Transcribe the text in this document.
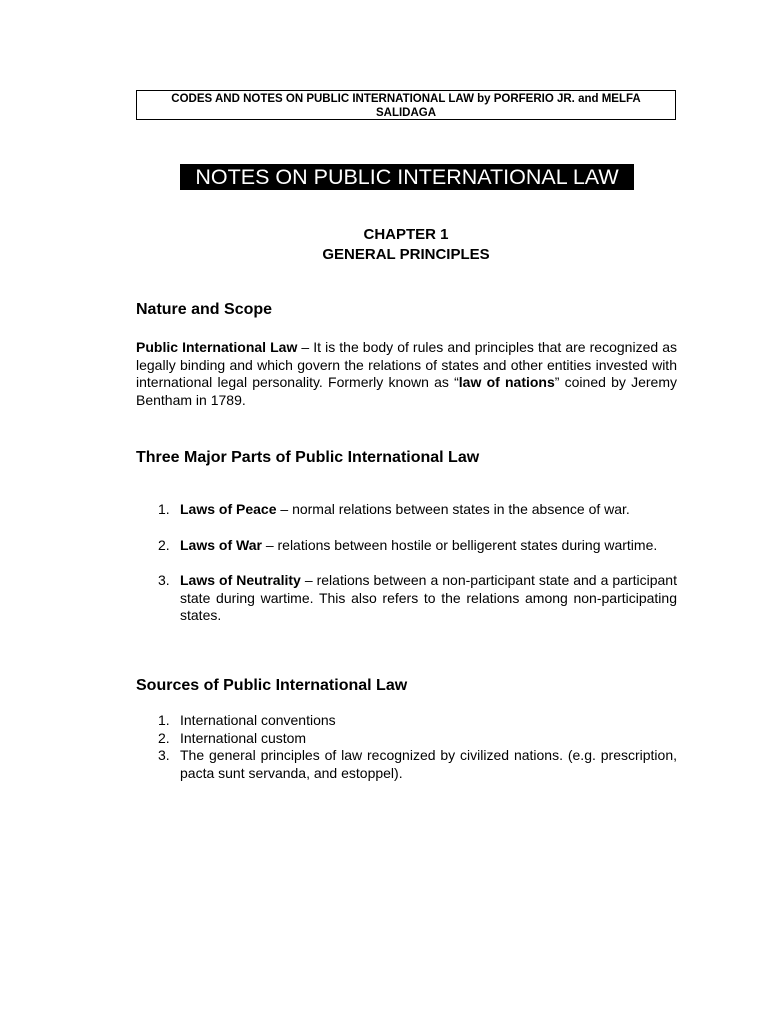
CODES AND NOTES ON PUBLIC INTERNATIONAL LAW by PORFERIO JR. and MELFA
SALIDAGA
NOTES ON PUBLIC INTERNATIONAL LAW
CHAPTER 1
GENERAL PRINCIPLES
Nature and Scope
Public International Law – It is the body of rules and principles that are recognized as legally binding and which govern the relations of states and other entities invested with international legal personality. Formerly known as “law of nations” coined by Jeremy Bentham in 1789.
Three Major Parts of Public International Law
1. Laws of Peace – normal relations between states in the absence of war.
2. Laws of War – relations between hostile or belligerent states during wartime.
3. Laws of Neutrality – relations between a non-participant state and a participant state during wartime. This also refers to the relations among non-participating states.
Sources of Public International Law
1. International conventions
2. International custom
3. The general principles of law recognized by civilized nations. (e.g. prescription, pacta sunt servanda, and estoppel).
